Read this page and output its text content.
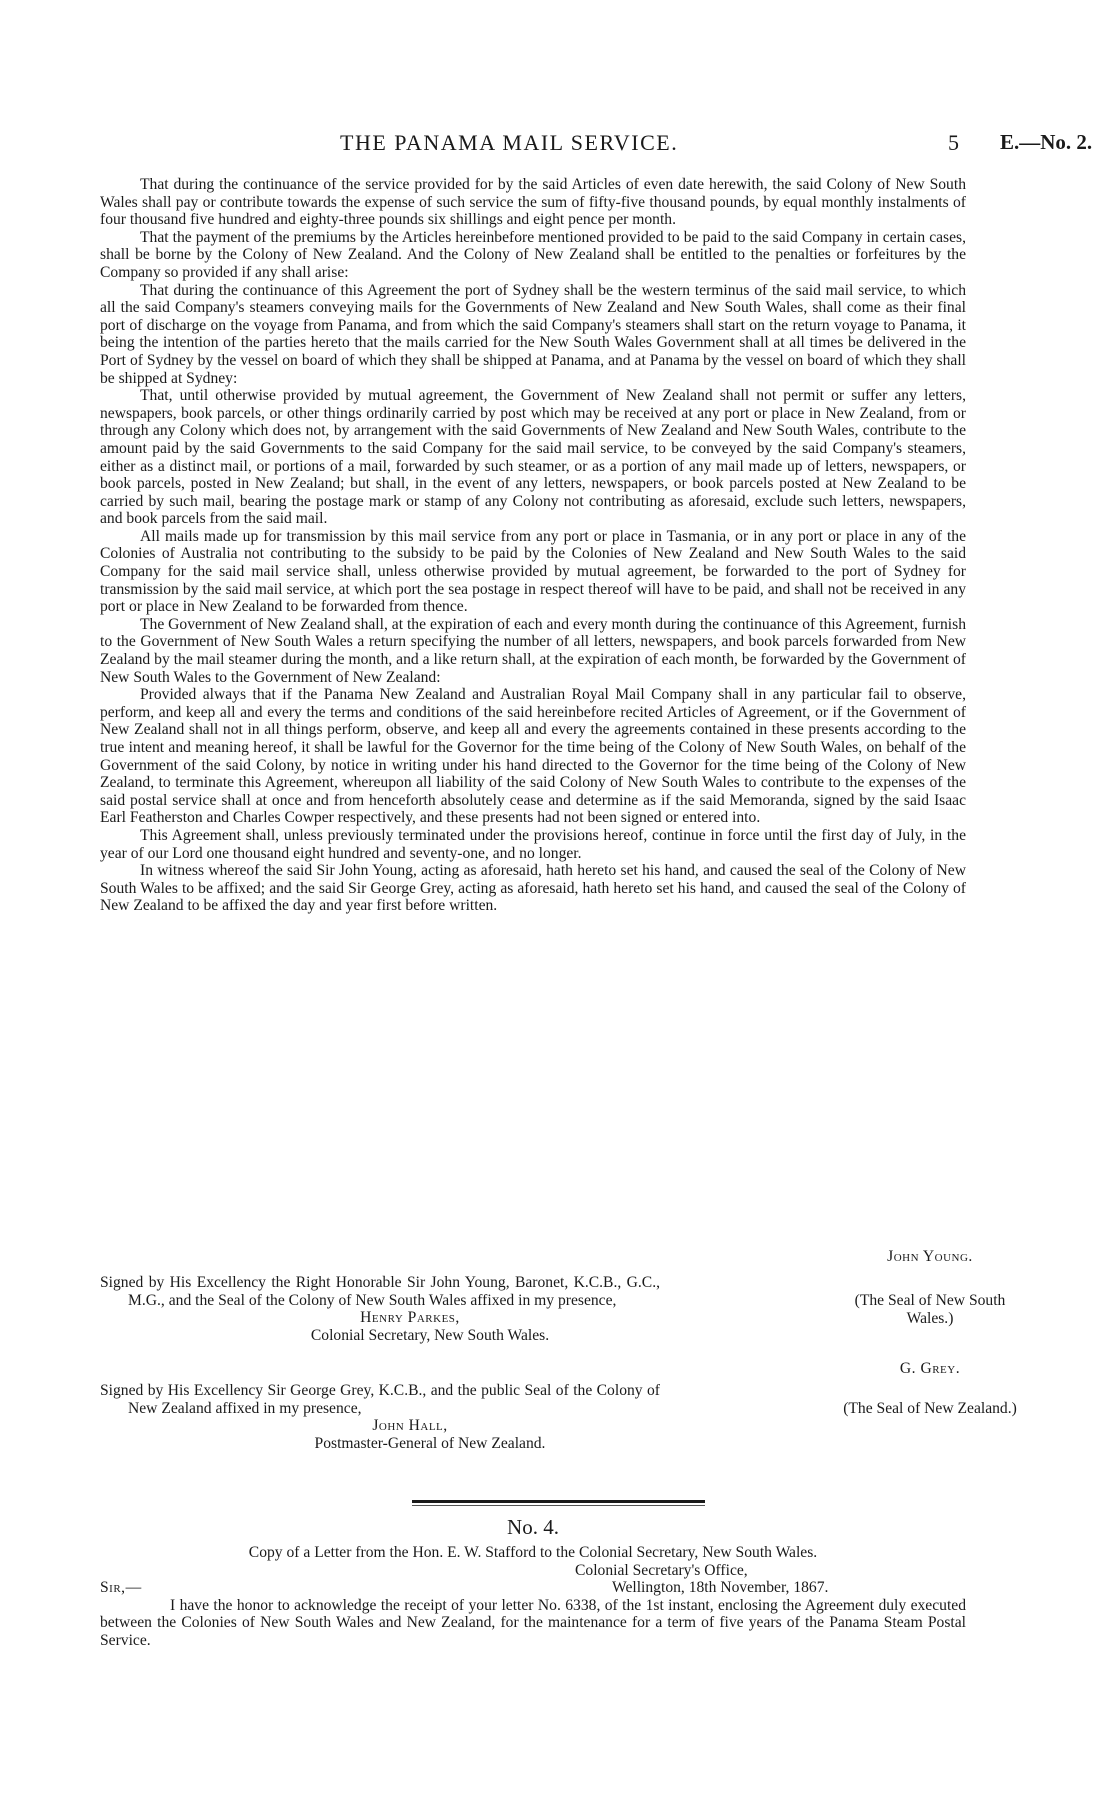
THE PANAMA MAIL SERVICE.	5 E.—No. 2.

That during the continuance of the service provided for by the said Articles of even date herewith, the said Colony of New South Wales shall pay or contribute towards the expense of such service the sum of fifty-five thousand pounds, by equal monthly instalments of four thousand five hundred and eighty-three pounds six shillings and eight pence per month.

That the payment of the premiums by the Articles hereinbefore mentioned provided to be paid to the said Company in certain cases, shall be borne by the Colony of New Zealand. And the Colony of New Zealand shall be entitled to the penalties or forfeitures by the Company so provided if any shall arise:

That during the continuance of this Agreement the port of Sydney shall be the western terminus of the said mail service, to which all the said Company's steamers conveying mails for the Governments of New Zealand and New South Wales, shall come as their final port of discharge on the voyage from Panama, and from which the said Company's steamers shall start on the return voyage to Panama, it being the intention of the parties hereto that the mails carried for the New South Wales Government shall at all times be delivered in the Port of Sydney by the vessel on board of which they shall be shipped at Panama, and at Panama by the vessel on board of which they shall be shipped at Sydney:

That, until otherwise provided by mutual agreement, the Government of New Zealand shall not permit or suffer any letters, newspapers, book parcels, or other things ordinarily carried by post which may be received at any port or place in New Zealand, from or through any Colony which does not, by arrangement with the said Governments of New Zealand and New South Wales, contribute to the amount paid by the said Governments to the said Company for the said mail service, to be conveyed by the said Company's steamers, either as a distinct mail, or portions of a mail, forwarded by such steamer, or as a portion of any mail made up of letters, newspapers, or book parcels, posted in New Zealand; but shall, in the event of any letters, newspapers, or book parcels posted at New Zealand to be carried by such mail, bearing the postage mark or stamp of any Colony not contributing as aforesaid, exclude such letters, newspapers, and book parcels from the said mail.

All mails made up for transmission by this mail service from any port or place in Tasmania, or in any port or place in any of the Colonies of Australia not contributing to the subsidy to be paid by the Colonies of New Zealand and New South Wales to the said Company for the said mail service shall, unless otherwise provided by mutual agreement, be forwarded to the port of Sydney for transmission by the said mail service, at which port the sea postage in respect thereof will have to be paid, and shall not be received in any port or place in New Zealand to be forwarded from thence.

The Government of New Zealand shall, at the expiration of each and every month during the continuance of this Agreement, furnish to the Government of New South Wales a return specifying the number of all letters, newspapers, and book parcels forwarded from New Zealand by the mail steamer during the month, and a like return shall, at the expiration of each month, be forwarded by the Government of New South Wales to the Government of New Zealand:

Provided always that if the Panama New Zealand and Australian Royal Mail Company shall in any particular fail to observe, perform, and keep all and every the terms and conditions of the said hereinbefore recited Articles of Agreement, or if the Government of New Zealand shall not in all things perform, observe, and keep all and every the agreements contained in these presents according to the true intent and meaning hereof, it shall be lawful for the Governor for the time being of the Colony of New South Wales, on behalf of the Government of the said Colony, by notice in writing under his hand directed to the Governor for the time being of the Colony of New Zealand, to terminate this Agreement, whereupon all liability of the said Colony of New South Wales to contribute to the expenses of the said postal service shall at once and from henceforth absolutely cease and determine as if the said Memoranda, signed by the said Isaac Earl Featherston and Charles Cowper respectively, and these presents had not been signed or entered into.

This Agreement shall, unless previously terminated under the provisions hereof, continue in force until the first day of July, in the year of our Lord one thousand eight hundred and seventy-one, and no longer.

In witness whereof the said Sir John Young, acting as aforesaid, hath hereto set his hand, and caused the seal of the Colony of New South Wales to be affixed; and the said Sir George Grey, acting as aforesaid, hath hereto set his hand, and caused the seal of the Colony of New Zealand to be affixed the day and year first before written.

John Young.

Signed by His Excellency the Right Honorable Sir John Young, Baronet, K.C.B., G.C., M.G., and the Seal of the Colony of New South Wales affixed in my presence,

Henry Parkes,

Colonial Secretary, New South Wales.

(The Seal of New South Wales.)

G. Grey.

Signed by His Excellency Sir George Grey, K.C.B., and the public Seal of the Colony of New Zealand affixed in my presence,

John Hall,

Postmaster-General of New Zealand.

(The Seal of New Zealand.)

No. 4.

Copy of a Letter from the Hon. E. W. Stafford to the Colonial Secretary, New South Wales.

Colonial Secretary's Office,

Sir,—	Wellington, 18th November, 1867.

I have the honor to acknowledge the receipt of your letter No. 6338, of the 1st instant, enclosing the Agreement duly executed between the Colonies of New South Wales and New Zealand, for the maintenance for a term of five years of the Panama Steam Postal Service.
